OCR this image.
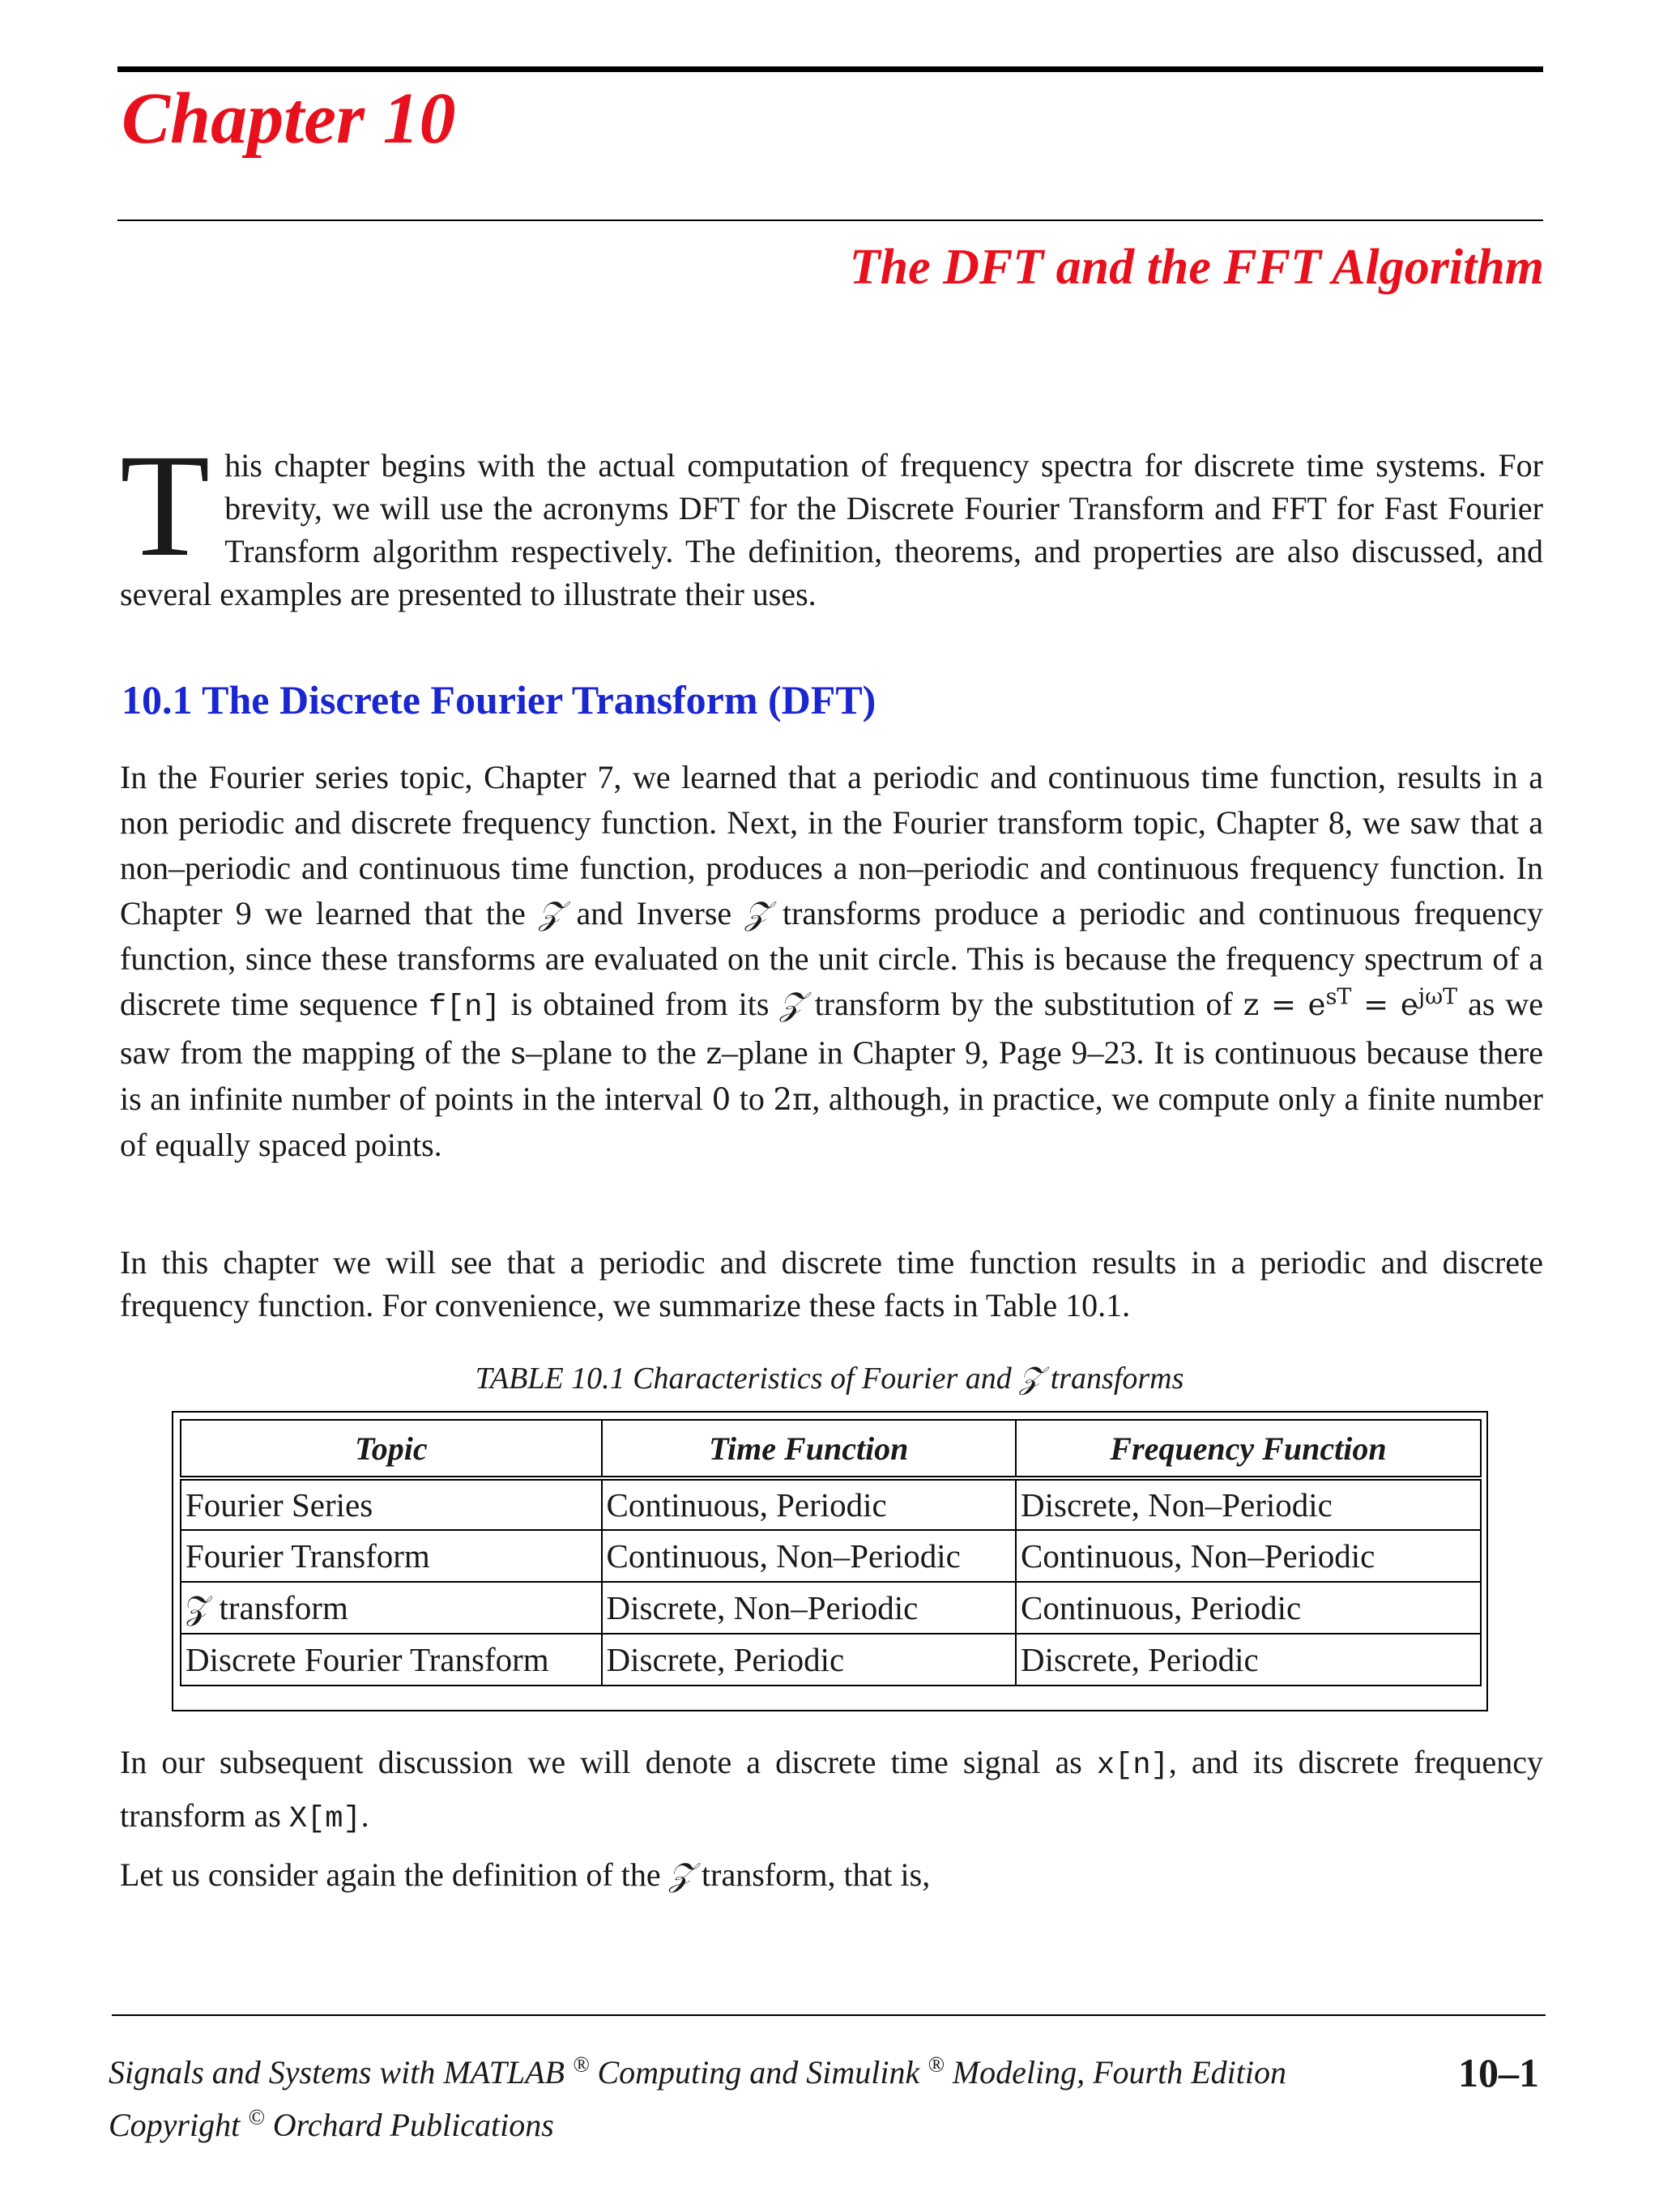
Chapter 10
The DFT and the FFT Algorithm
This chapter begins with the actual computation of frequency spectra for discrete time systems. For brevity, we will use the acronyms DFT for the Discrete Fourier Transform and FFT for Fast Fourier Transform algorithm respectively. The definition, theorems, and properties are also discussed, and several examples are presented to illustrate their uses.
10.1 The Discrete Fourier Transform (DFT)
In the Fourier series topic, Chapter 7, we learned that a periodic and continuous time function, results in a non periodic and discrete frequency function. Next, in the Fourier transform topic, Chapter 8, we saw that a non–periodic and continuous time function, produces a non–periodic and continuous frequency function. In Chapter 9 we learned that the 𝒵 and Inverse 𝒵 transforms produce a periodic and continuous frequency function, since these transforms are evaluated on the unit circle. This is because the frequency spectrum of a discrete time sequence f[n] is obtained from its 𝒵 transform by the substitution of $z = e^{sT} = e^{j\omega T}$ as we saw from the mapping of the s–plane to the z–plane in Chapter 9, Page 9–23. It is continuous because there is an infinite number of points in the interval 0 to 2π, although, in practice, we compute only a finite number of equally spaced points.
In this chapter we will see that a periodic and discrete time function results in a periodic and discrete frequency function. For convenience, we summarize these facts in Table 10.1.
TABLE 10.1 Characteristics of Fourier and 𝒵 transforms
Topic	Time Function	Frequency Function
Fourier Series	Continuous, Periodic	Discrete, Non–Periodic
Fourier Transform	Continuous, Non–Periodic	Continuous, Non–Periodic
𝒵 transform	Discrete, Non–Periodic	Continuous, Periodic
Discrete Fourier Transform	Discrete, Periodic	Discrete, Periodic
In our subsequent discussion we will denote a discrete time signal as x[n], and its discrete frequency transform as X[m].
Let us consider again the definition of the 𝒵 transform, that is,
Signals and Systems with MATLAB ® Computing and Simulink ® Modeling, Fourth Edition
Copyright © Orchard Publications
10–1
